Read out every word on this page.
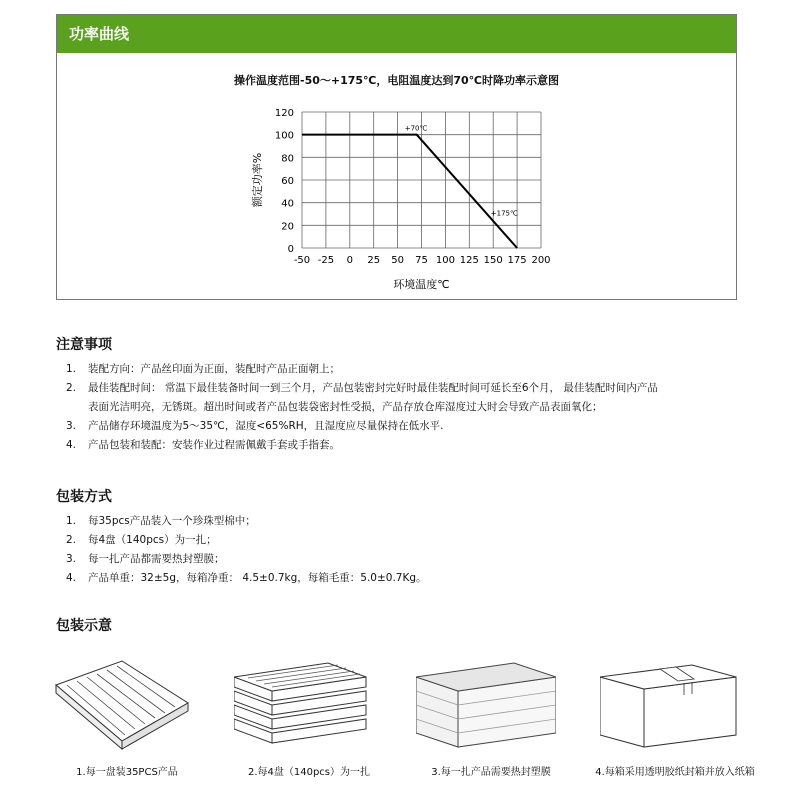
功率曲线
操作温度范围-50～+175℃，电阻温度达到70℃时降功率示意图
-50 -25 0 25 50 75 100 125 150 175 200
0
20
40
60
80
100
120
+70℃
+175℃
环境温度℃
额定功率%
注意事项
1.	装配方向：产品丝印面为正面，装配时产品正面朝上；
2.	最佳装配时间： 常温下最佳装备时间一到三个月，产品包装密封完好时最佳装配时间可延长至6个月， 最佳装配时间内产品
表面光洁明亮，无锈斑。超出时间或者产品包装袋密封性受损，产品存放仓库湿度过大时会导致产品表面氧化；
3.	产品储存环境温度为5～35℃，湿度<65%RH，且湿度应尽量保持在低水平.
4.	产品包装和装配：安装作业过程需佩戴手套或手指套。
包装方式
1.	每35pcs产品装入一个珍珠型棉中；
2.	每4盘（140pcs）为一扎；
3.	每一扎产品都需要热封塑膜；
4.	产品单重：32±5g，每箱净重： 4.5±0.7kg，每箱毛重：5.0±0.7Kg。
包装示意
1.每一盘装35PCS产品	2.每4盘（140pcs）为一扎	3.每一扎产品需要热封塑膜	4.每箱采用透明胶纸封箱并放入纸箱
